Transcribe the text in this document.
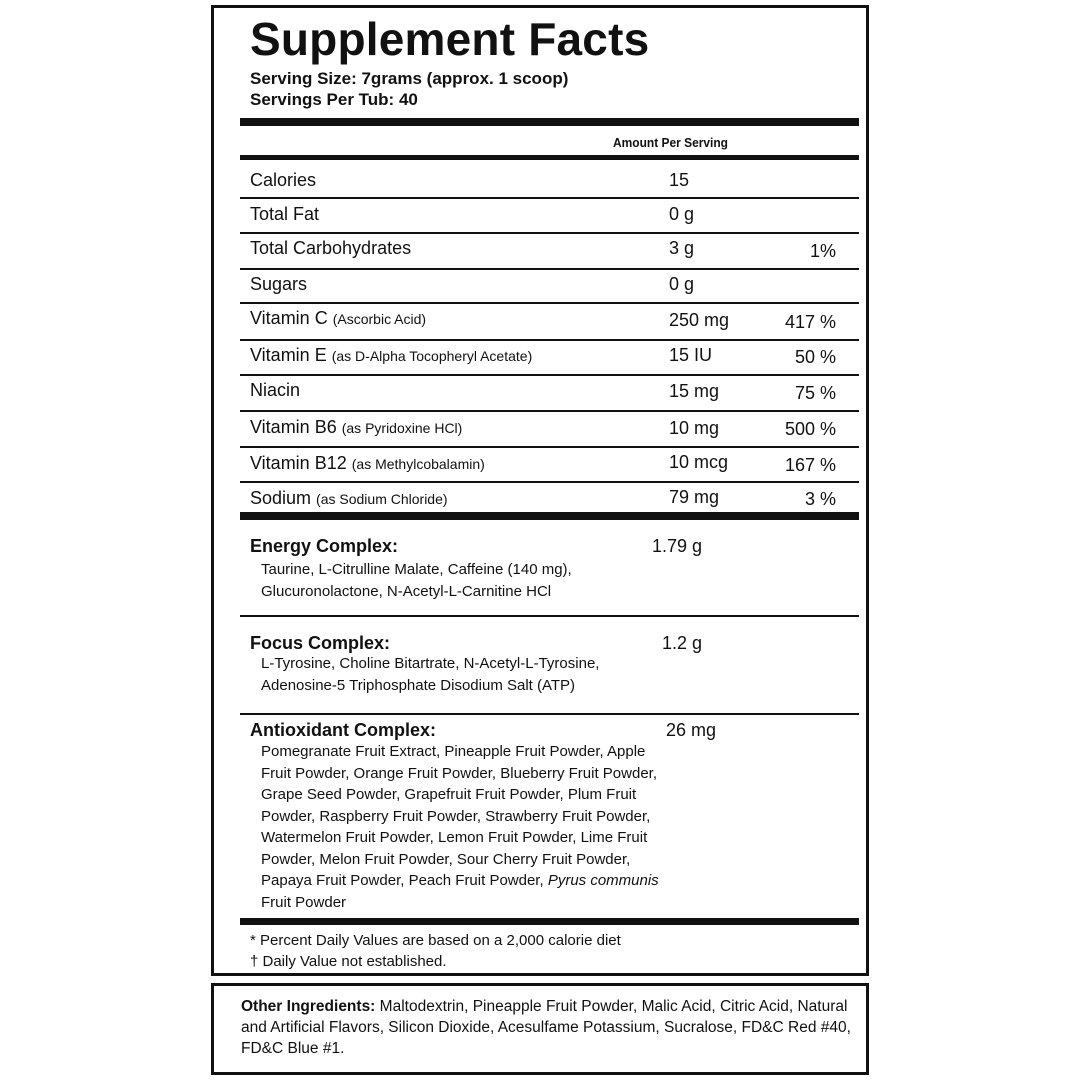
Supplement Facts
Serving Size: 7grams (approx. 1 scoop)
Servings Per Tub: 40
Amount Per Serving
Calories	15
Total Fat	0 g
Total Carbohydrates	3 g	1%
Sugars	0 g
Vitamin C (Ascorbic Acid)	250 mg	417 %
Vitamin E (as D-Alpha Tocopheryl Acetate)	15 IU	50 %
Niacin	15 mg	75 %
Vitamin B6 (as Pyridoxine HCl)	10 mg	500 %
Vitamin B12 (as Methylcobalamin)	10 mcg	167 %
Sodium (as Sodium Chloride)	79 mg	3 %
Energy Complex:	1.79 g
Taurine, L-Citrulline Malate, Caffeine (140 mg),
Glucuronolactone, N-Acetyl-L-Carnitine HCl
Focus Complex:	1.2 g
L-Tyrosine, Choline Bitartrate, N-Acetyl-L-Tyrosine,
Adenosine-5 Triphosphate Disodium Salt (ATP)
Antioxidant Complex:	26 mg
Pomegranate Fruit Extract, Pineapple Fruit Powder, Apple
Fruit Powder, Orange Fruit Powder, Blueberry Fruit Powder,
Grape Seed Powder, Grapefruit Fruit Powder, Plum Fruit
Powder, Raspberry Fruit Powder, Strawberry Fruit Powder,
Watermelon Fruit Powder, Lemon Fruit Powder, Lime Fruit
Powder, Melon Fruit Powder, Sour Cherry Fruit Powder,
Papaya Fruit Powder, Peach Fruit Powder, Pyrus communis
Fruit Powder
* Percent Daily Values are based on a 2,000 calorie diet
† Daily Value not established.
Other Ingredients: Maltodextrin, Pineapple Fruit Powder, Malic Acid, Citric Acid, Natural and Artificial Flavors, Silicon Dioxide, Acesulfame Potassium, Sucralose, FD&C Red #40, FD&C Blue #1.
